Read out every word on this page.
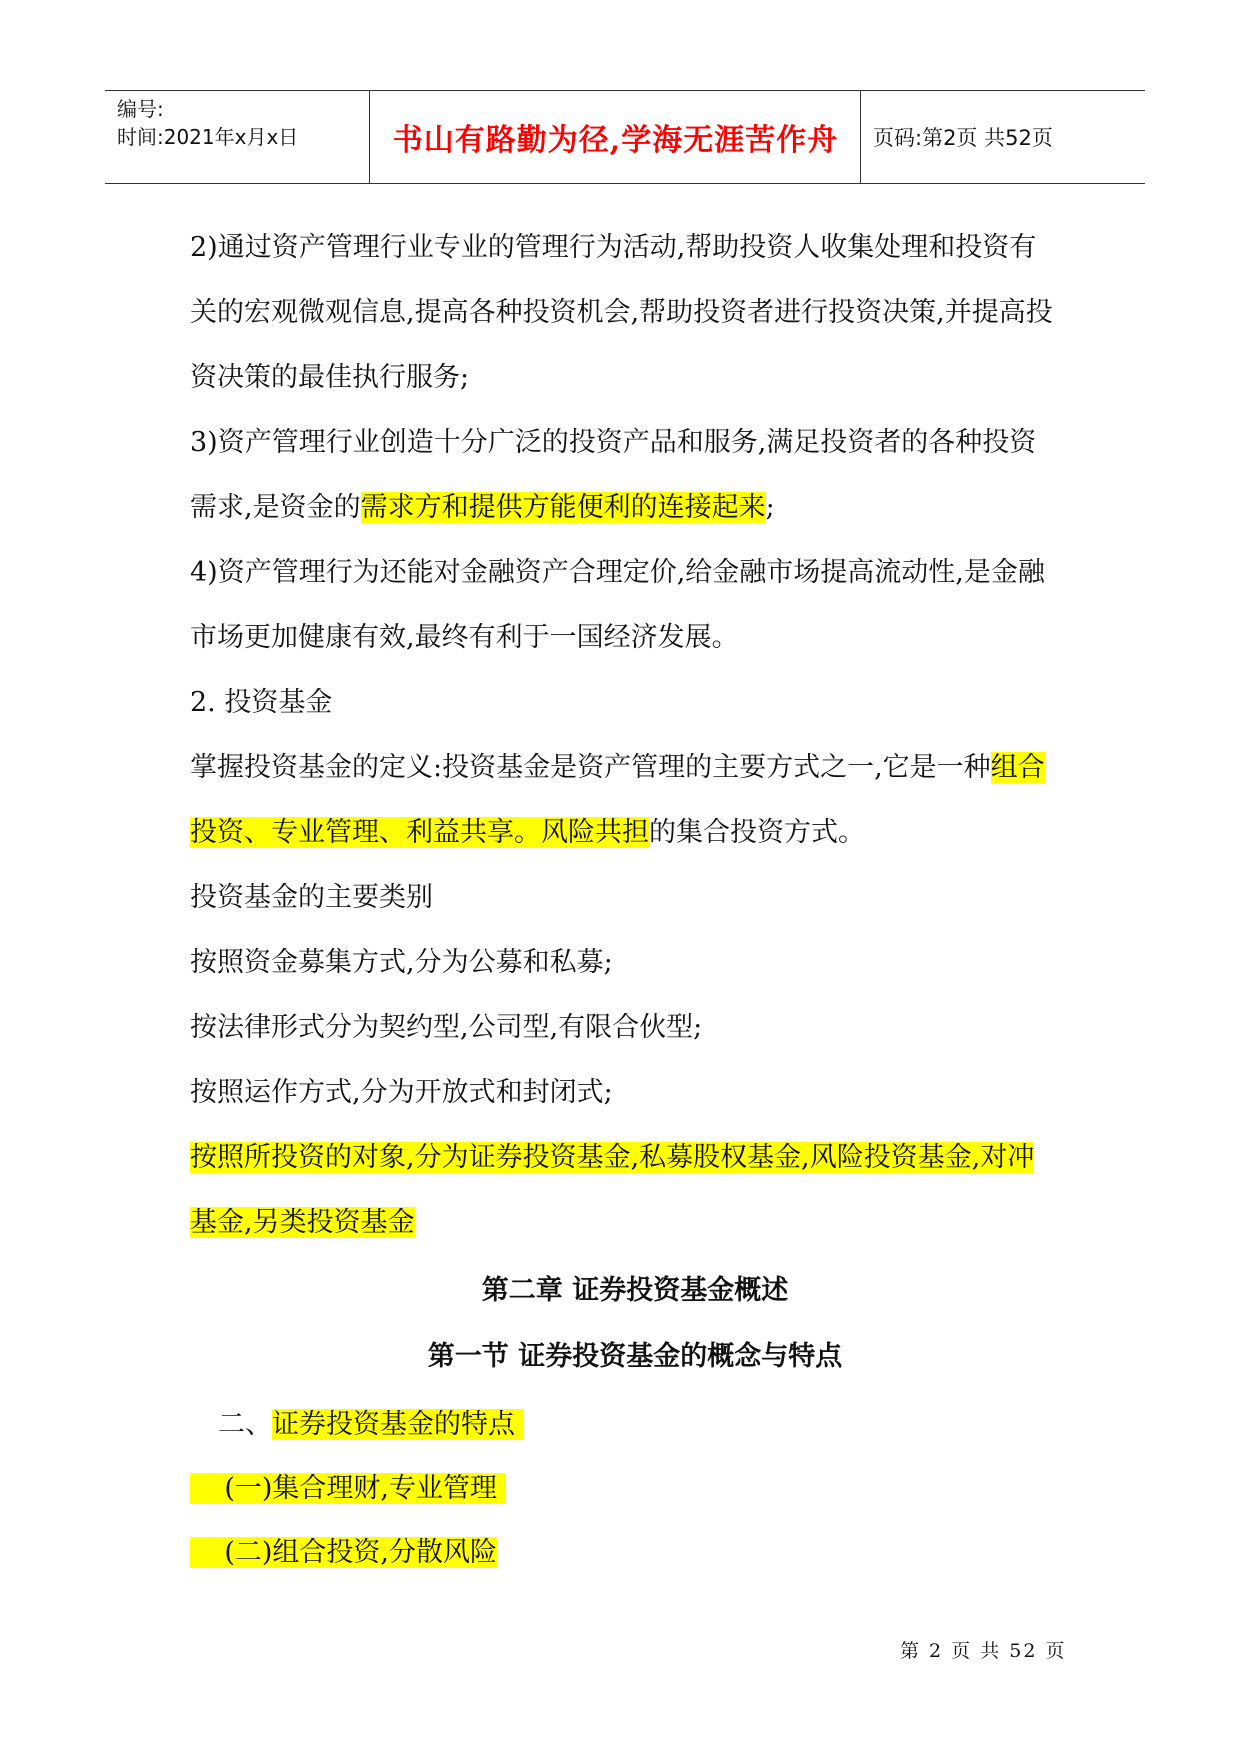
编号:
时间:2021年x月x日	书山有路勤为径,学海无涯苦作舟	页码:第2页 共52页

2)通过资产管理行业专业的管理行为活动,帮助投资人收集处理和投资有关的宏观微观信息,提高各种投资机会,帮助投资者进行投资决策,并提高投资决策的最佳执行服务;

3)资产管理行业创造十分广泛的投资产品和服务,满足投资者的各种投资需求,是资金的需求方和提供方能便利的连接起来;

4)资产管理行为还能对金融资产合理定价,给金融市场提高流动性,是金融市场更加健康有效,最终有利于一国经济发展。

2. 投资基金

掌握投资基金的定义:投资基金是资产管理的主要方式之一,它是一种组合投资、专业管理、利益共享。风险共担的集合投资方式。

投资基金的主要类别

按照资金募集方式,分为公募和私募;

按法律形式分为契约型,公司型,有限合伙型;

按照运作方式,分为开放式和封闭式;

按照所投资的对象,分为证券投资基金,私募股权基金,风险投资基金,对冲基金,另类投资基金

第二章 证券投资基金概述

第一节 证券投资基金的概念与特点

二、证券投资基金的特点

(一)集合理财,专业管理

(二)组合投资,分散风险

第 2 页 共 52 页
